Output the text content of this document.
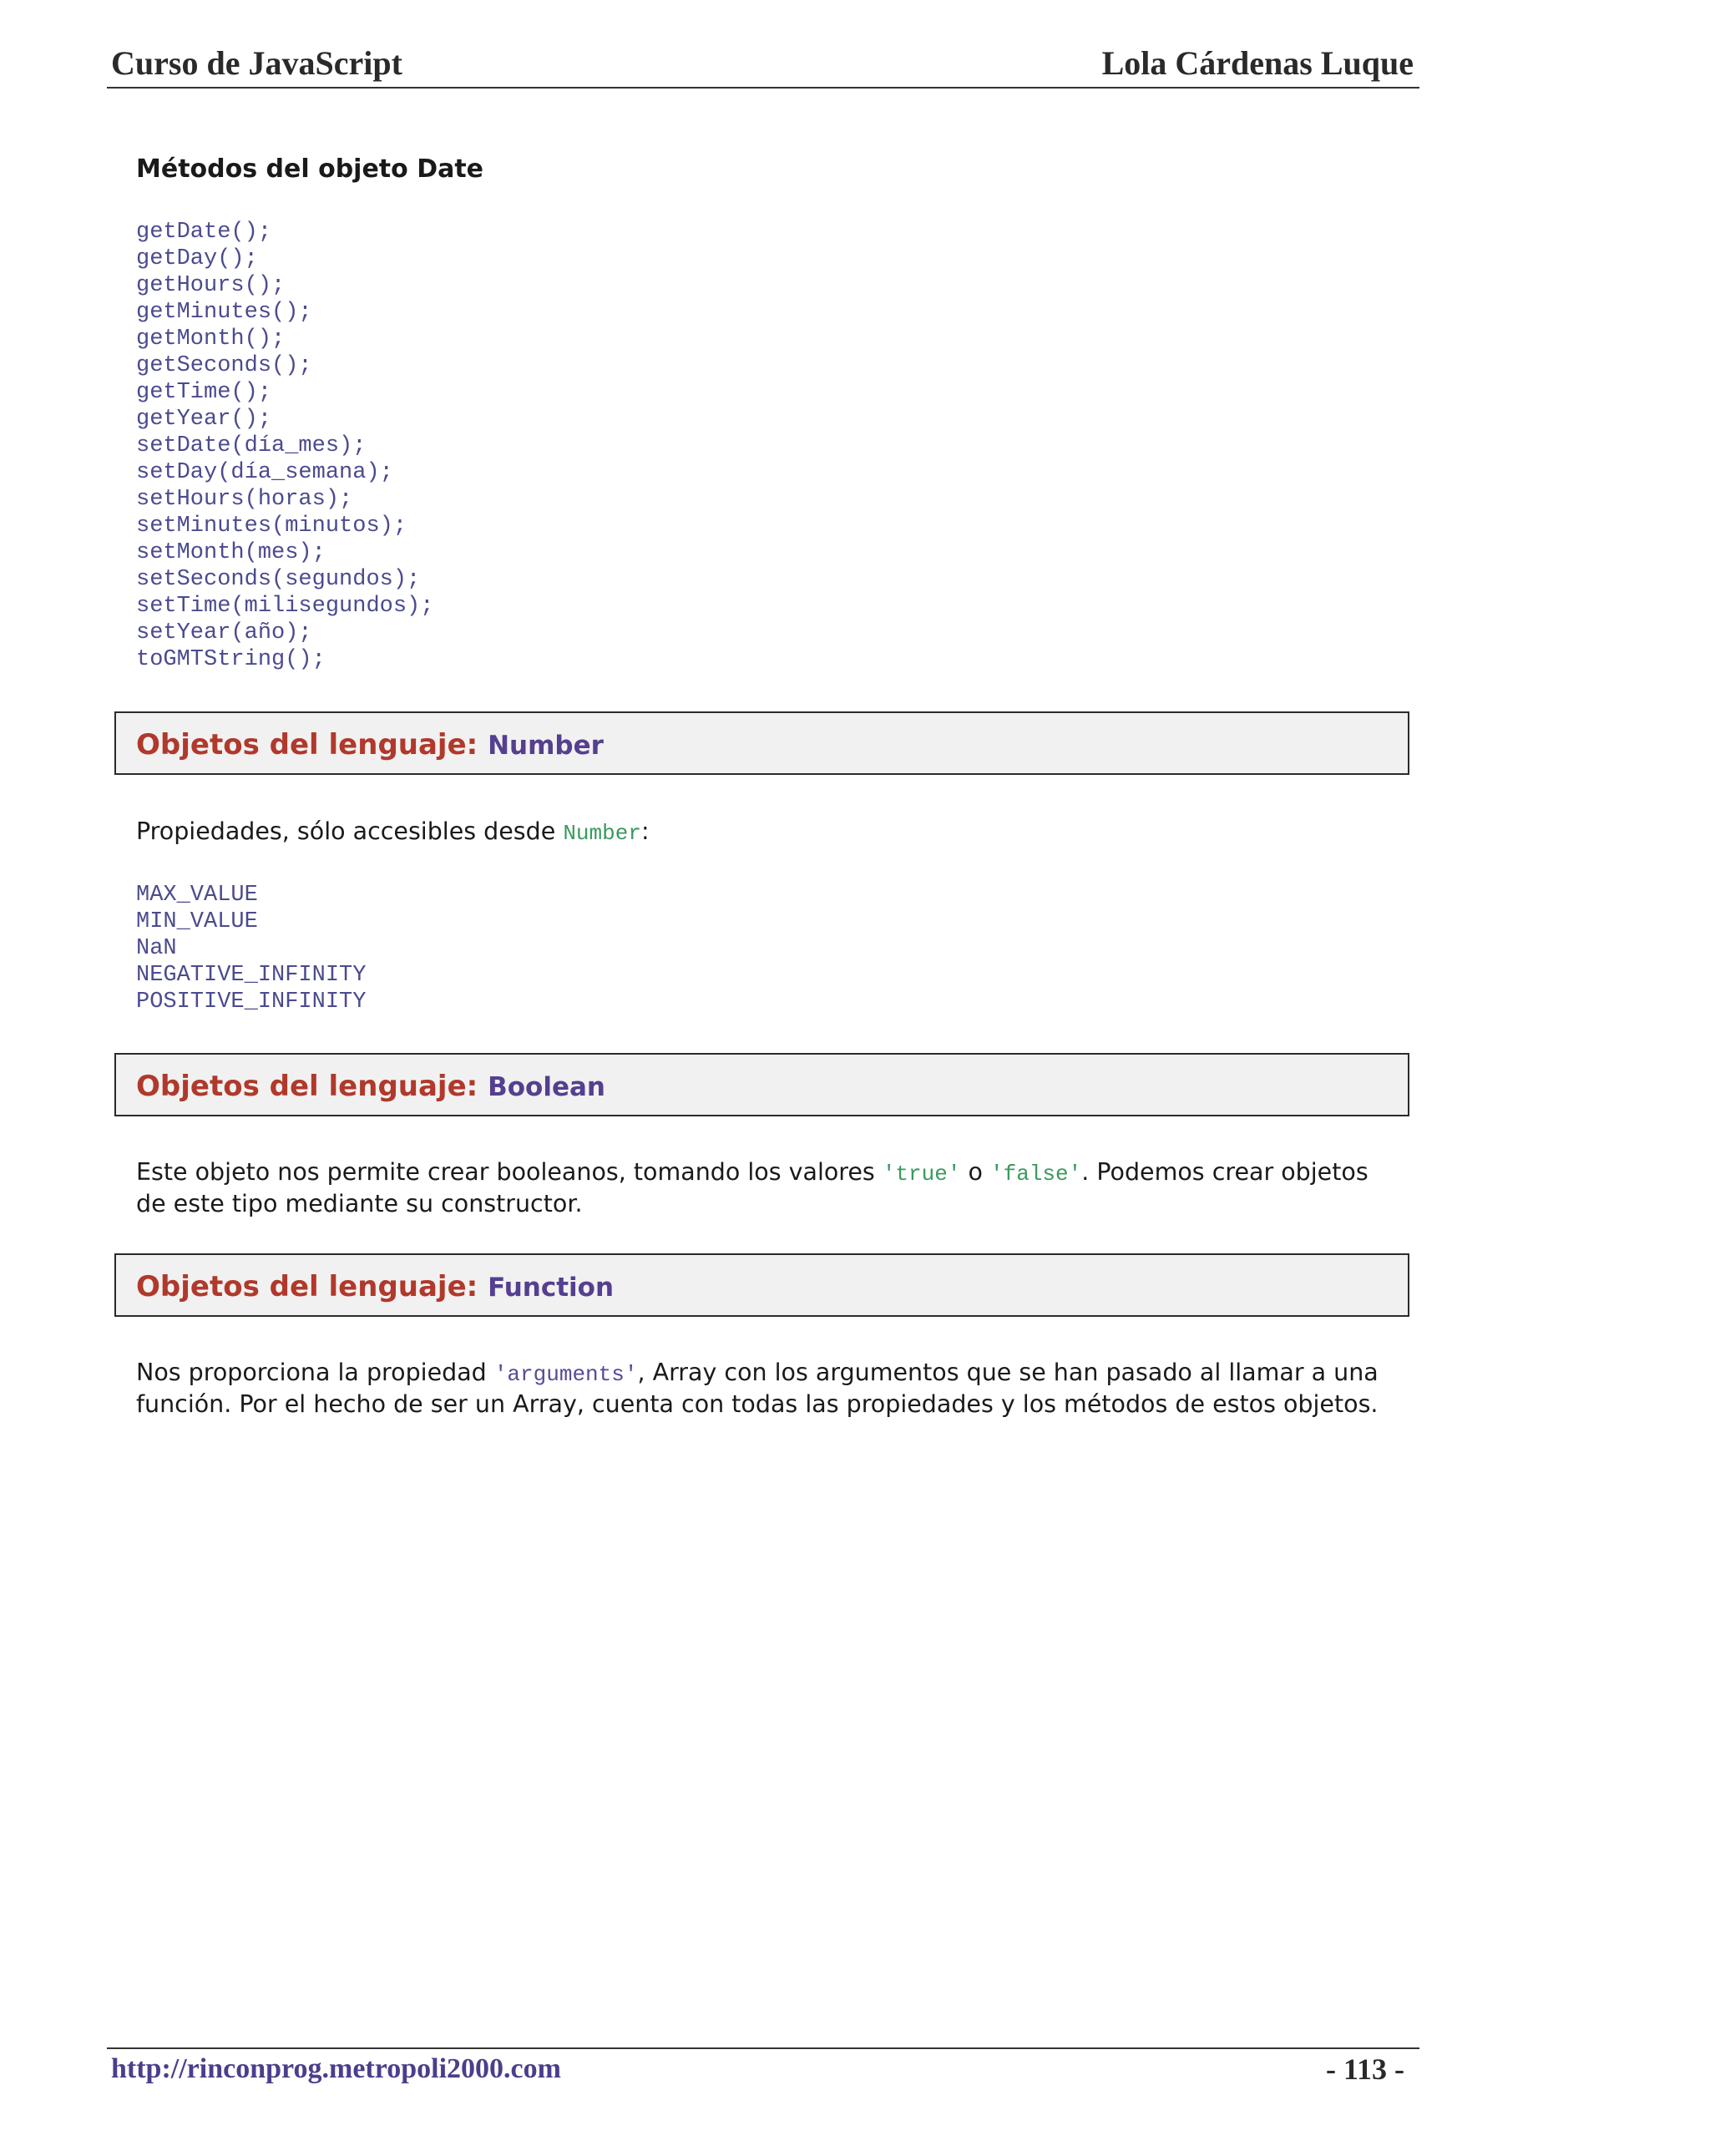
Curso de JavaScript	Lola Cárdenas Luque
Métodos del objeto Date
getDate();
getDay();
getHours();
getMinutes();
getMonth();
getSeconds();
getTime();
getYear();
setDate(día_mes);
setDay(día_semana);
setHours(horas);
setMinutes(minutos);
setMonth(mes);
setSeconds(segundos);
setTime(milisegundos);
setYear(año);
toGMTString();
Objetos del lenguaje: Number
Propiedades, sólo accesibles desde Number:
MAX_VALUE
MIN_VALUE
NaN
NEGATIVE_INFINITY
POSITIVE_INFINITY
Objetos del lenguaje: Boolean
Este objeto nos permite crear booleanos, tomando los valores 'true' o 'false'. Podemos crear objetos de este tipo mediante su constructor.
Objetos del lenguaje: Function
Nos proporciona la propiedad 'arguments', Array con los argumentos que se han pasado al llamar a una función. Por el hecho de ser un Array, cuenta con todas las propiedades y los métodos de estos objetos.
http://rinconprog.metropoli2000.com	- 113 -
